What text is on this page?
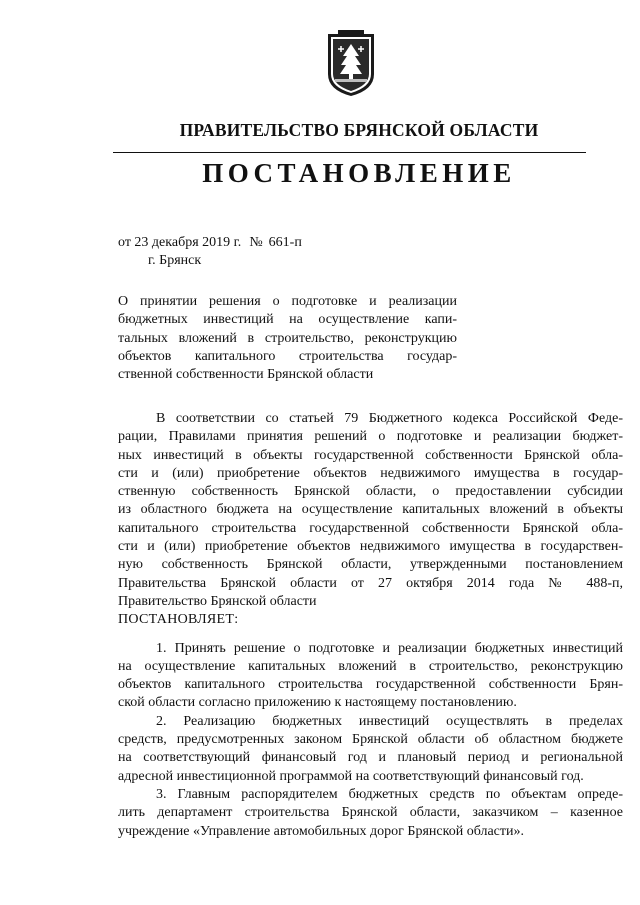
ПРАВИТЕЛЬСТВО БРЯНСКОЙ ОБЛАСТИ
ПОСТАНОВЛЕНИЕ
от 23 декабря 2019 г. № 661-п
г. Брянск
О принятии решения о подготовке и реализации
бюджетных инвестиций на осуществление капи-
тальных вложений в строительство, реконструкцию
объектов капитального строительства государ-
ственной собственности Брянской области
В соответствии со статьей 79 Бюджетного кодекса Российской Феде-
рации, Правилами принятия решений о подготовке и реализации бюджет-
ных инвестиций в объекты государственной собственности Брянской обла-
сти и (или) приобретение объектов недвижимого имущества в государ-
ственную собственность Брянской области, о предоставлении субсидии
из областного бюджета на осуществление капитальных вложений в объекты
капитального строительства государственной собственности Брянской обла-
сти и (или) приобретение объектов недвижимого имущества в государствен-
ную собственность Брянской области, утвержденными постановлением
Правительства Брянской области от 27 октября 2014 года № 488-п,
Правительство Брянской области
ПОСТАНОВЛЯЕТ:
1. Принять решение о подготовке и реализации бюджетных инвестиций
на осуществление капитальных вложений в строительство, реконструкцию
объектов капитального строительства государственной собственности Брян-
ской области согласно приложению к настоящему постановлению.
2. Реализацию бюджетных инвестиций осуществлять в пределах
средств, предусмотренных законом Брянской области об областном бюджете
на соответствующий финансовый год и плановый период и региональной
адресной инвестиционной программой на соответствующий финансовый год.
3. Главным распорядителем бюджетных средств по объектам опреде-
лить департамент строительства Брянской области, заказчиком – казенное
учреждение «Управление автомобильных дорог Брянской области».
